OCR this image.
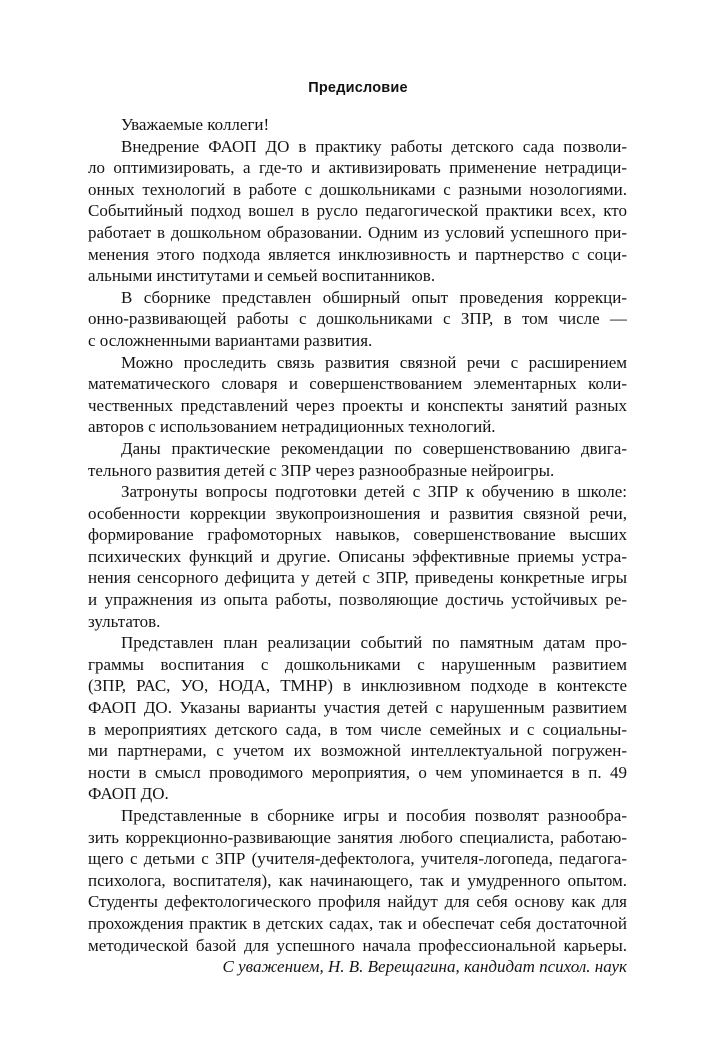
Предисловие
Уважаемые коллеги!
Внедрение ФАОП ДО в практику работы детского сада позволи-
ло оптимизировать, а где-то и активизировать применение нетрадици-
онных технологий в работе с дошкольниками с разными нозологиями.
Событийный подход вошел в русло педагогической практики всех, кто
работает в дошкольном образовании. Одним из условий успешного при-
менения этого подхода является инклюзивность и партнерство с соци-
альными институтами и семьей воспитанников.
В сборнике представлен обширный опыт проведения коррекци-
онно-развивающей работы с дошкольниками с ЗПР, в том числе —
с осложненными вариантами развития.
Можно проследить связь развития связной речи с расширением
математического словаря и совершенствованием элементарных коли-
чественных представлений через проекты и конспекты занятий разных
авторов с использованием нетрадиционных технологий.
Даны практические рекомендации по совершенствованию двига-
тельного развития детей с ЗПР через разнообразные нейроигры.
Затронуты вопросы подготовки детей с ЗПР к обучению в школе:
особенности коррекции звукопроизношения и развития связной речи,
формирование графомоторных навыков, совершенствование высших
психических функций и другие. Описаны эффективные приемы устра-
нения сенсорного дефицита у детей с ЗПР, приведены конкретные игры
и упражнения из опыта работы, позволяющие достичь устойчивых ре-
зультатов.
Представлен план реализации событий по памятным датам про-
граммы воспитания с дошкольниками с нарушенным развитием
(ЗПР, РАС, УО, НОДА, ТМНР) в инклюзивном подходе в контексте
ФАОП ДО. Указаны варианты участия детей с нарушенным развитием
в мероприятиях детского сада, в том числе семейных и с социальны-
ми партнерами, с учетом их возможной интеллектуальной погружен-
ности в смысл проводимого мероприятия, о чем упоминается в п. 49
ФАОП ДО.
Представленные в сборнике игры и пособия позволят разнообра-
зить коррекционно-развивающие занятия любого специалиста, работаю-
щего с детьми с ЗПР (учителя-дефектолога, учителя-логопеда, педагога-
психолога, воспитателя), как начинающего, так и умудренного опытом.
Студенты дефектологического профиля найдут для себя основу как для
прохождения практик в детских садах, так и обеспечат себя достаточной
методической базой для успешного начала профессиональной карьеры.
С уважением, Н. В. Верещагина, кандидат психол. наук
